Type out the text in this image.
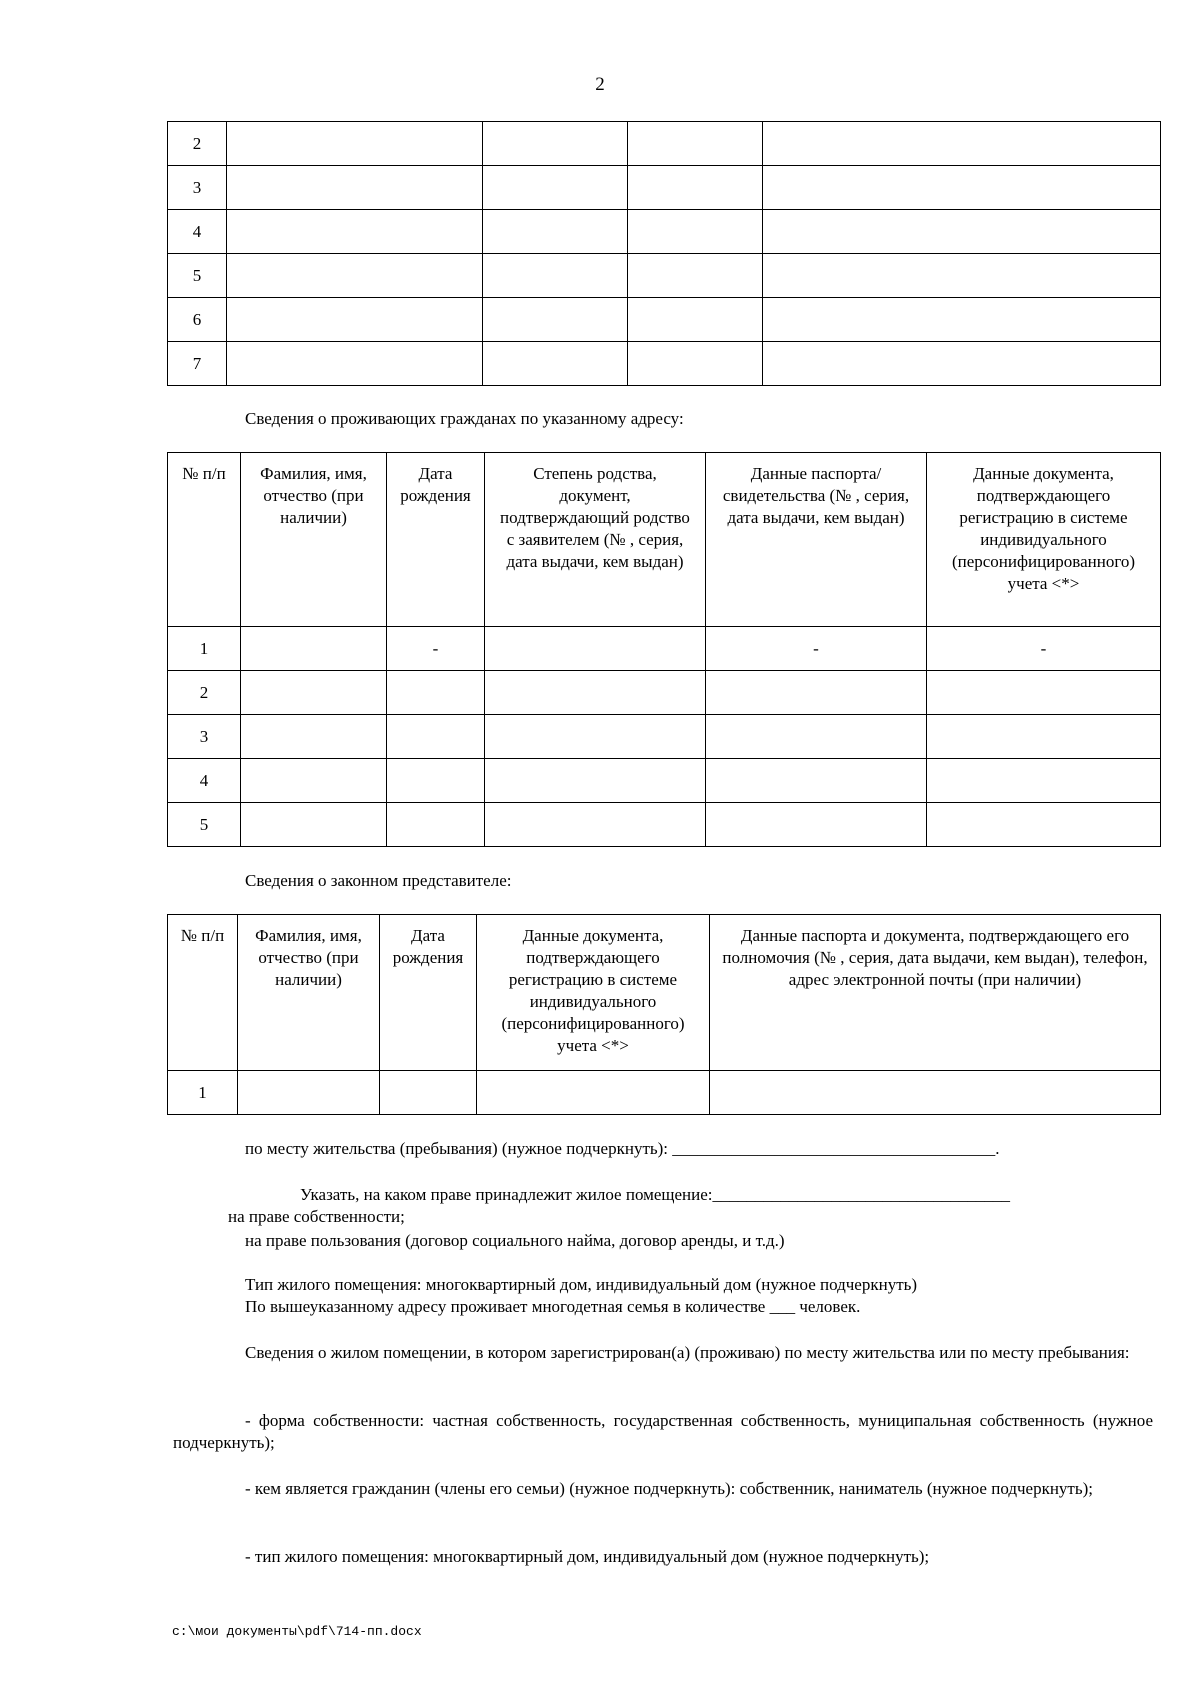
2
2				
3				
4				
5				
6				
7				
Сведения о проживающих гражданах по указанному адресу:
№ п/п	Фамилия, имя, отчество (при наличии)	Дата рождения	Степень родства, документ, подтверждающий родство с заявителем (№ , серия, дата выдачи, кем выдан)	Данные паспорта/свидетельства (№ , серия, дата выдачи, кем выдан)	Данные документа, подтверждающего регистрацию в системе индивидуального (персонифицированного) учета <*>
1		-		-	-
2					
3					
4					
5					
Сведения о законном представителе:
№ п/п	Фамилия, имя, отчество (при наличии)	Дата рождения	Данные документа, подтверждающего регистрацию в системе индивидуального (персонифицированного) учета <*>	Данные паспорта и документа, подтверждающего его полномочия (№ , серия, дата выдачи, кем выдан), телефон, адрес электронной почты (при наличии)
1				
по месту жительства (пребывания) (нужное подчеркнуть): ______________________________________.
Указать, на каком праве принадлежит жилое помещение:___________________________________
на праве собственности;
на праве пользования (договор социального найма, договор аренды, и т.д.)
Тип жилого помещения: многоквартирный дом, индивидуальный дом (нужное подчеркнуть)
По вышеуказанному адресу проживает многодетная семья в количестве ___ человек.
Сведения о жилом помещении, в котором зарегистрирован(а) (проживаю) по месту жительства или по месту пребывания:
- форма собственности: частная собственность, государственная собственность, муниципальная собственность (нужное подчеркнуть);
- кем является гражданин (члены его семьи) (нужное подчеркнуть): собственник, наниматель (нужное подчеркнуть);
- тип жилого помещения: многоквартирный дом, индивидуальный дом (нужное подчеркнуть);
c:\мои документы\pdf\714-пп.docx
